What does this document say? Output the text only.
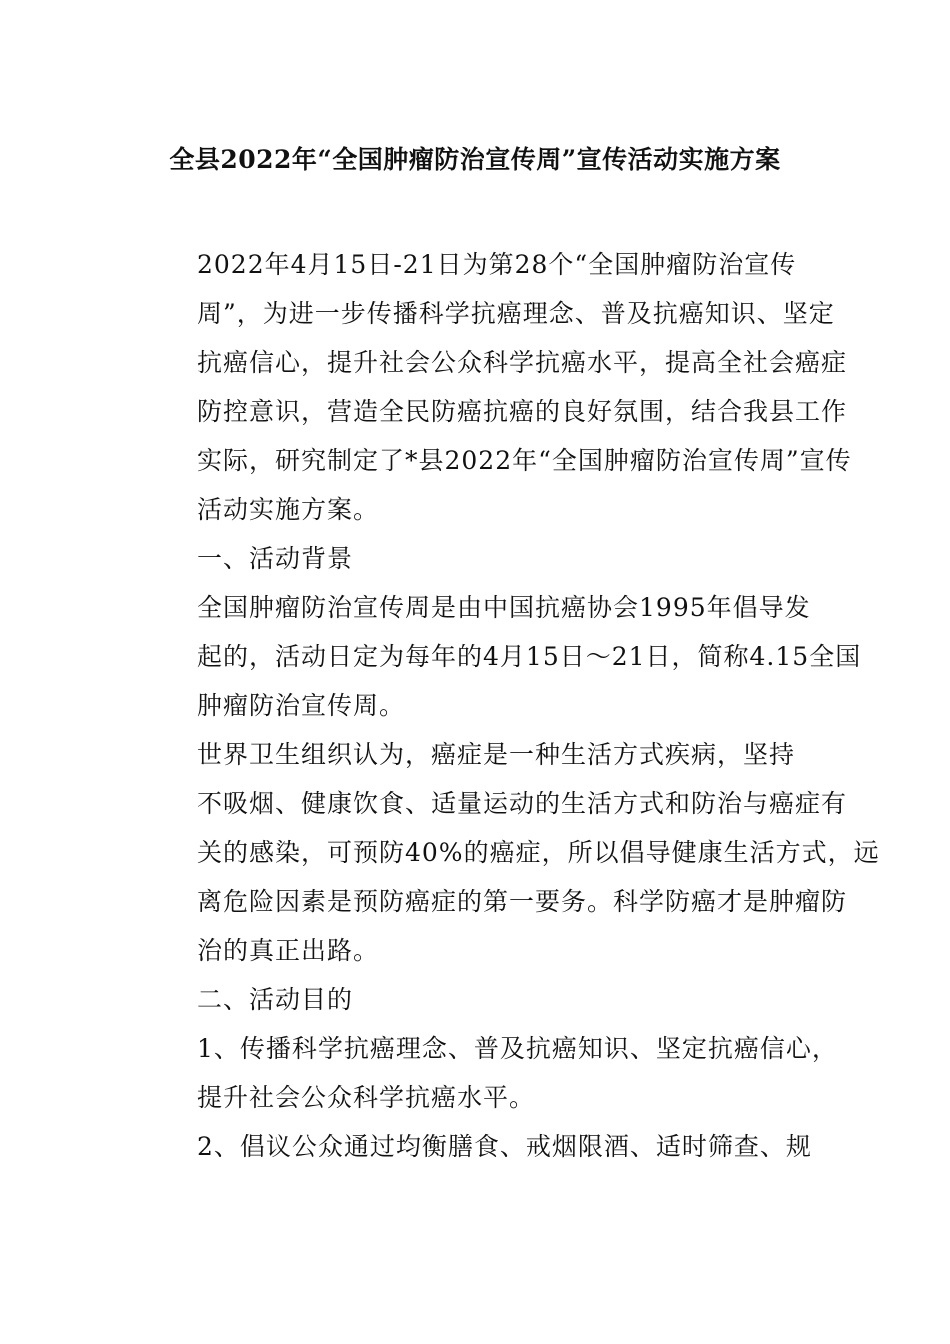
全县2022年“全国肿瘤防治宣传周”宣传活动实施方案

2022年4月15日-21日为第28个“全国肿瘤防治宣传
周”，为进一步传播科学抗癌理念、普及抗癌知识、坚定
抗癌信心，提升社会公众科学抗癌水平，提高全社会癌症
防控意识，营造全民防癌抗癌的良好氛围，结合我县工作
实际，研究制定了*县2022年“全国肿瘤防治宣传周”宣传
活动实施方案。

一、活动背景

全国肿瘤防治宣传周是由中国抗癌协会1995年倡导发
起的，活动日定为每年的4月15日～21日，简称4.15全国
肿瘤防治宣传周。

世界卫生组织认为，癌症是一种生活方式疾病，坚持
不吸烟、健康饮食、适量运动的生活方式和防治与癌症有
关的感染，可预防40%的癌症，所以倡导健康生活方式，远
离危险因素是预防癌症的第一要务。科学防癌才是肿瘤防
治的真正出路。

二、活动目的

1、传播科学抗癌理念、普及抗癌知识、坚定抗癌信心，
提升社会公众科学抗癌水平。

2、倡议公众通过均衡膳食、戒烟限酒、适时筛查、规
